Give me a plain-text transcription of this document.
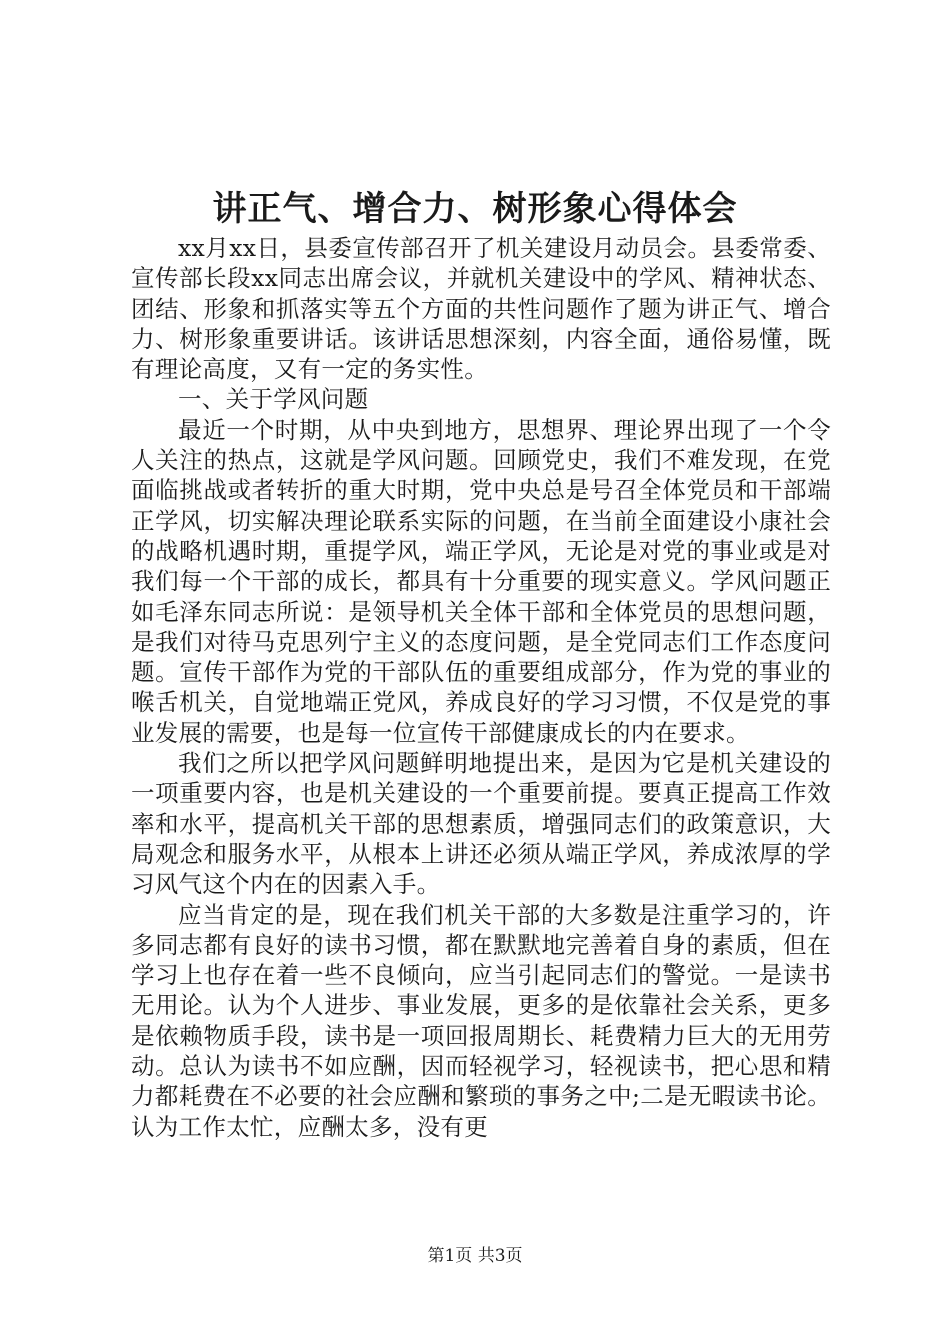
讲正气、增合力、树形象心得体会

xx月xx日，县委宣传部召开了机关建设月动员会。县委常委、宣传部长段xx同志出席会议，并就机关建设中的学风、精神状态、团结、形象和抓落实等五个方面的共性问题作了题为讲正气、增合力、树形象重要讲话。该讲话思想深刻，内容全面，通俗易懂，既有理论高度，又有一定的务实性。

一、关于学风问题

最近一个时期，从中央到地方，思想界、理论界出现了一个令人关注的热点，这就是学风问题。回顾党史，我们不难发现，在党面临挑战或者转折的重大时期，党中央总是号召全体党员和干部端正学风，切实解决理论联系实际的问题，在当前全面建设小康社会的战略机遇时期，重提学风，端正学风，无论是对党的事业或是对我们每一个干部的成长，都具有十分重要的现实意义。学风问题正如毛泽东同志所说：是领导机关全体干部和全体党员的思想问题，是我们对待马克思列宁主义的态度问题，是全党同志们工作态度问题。宣传干部作为党的干部队伍的重要组成部分，作为党的事业的喉舌机关，自觉地端正党风，养成良好的学习习惯，不仅是党的事业发展的需要，也是每一位宣传干部健康成长的内在要求。

我们之所以把学风问题鲜明地提出来，是因为它是机关建设的一项重要内容，也是机关建设的一个重要前提。要真正提高工作效率和水平，提高机关干部的思想素质，增强同志们的政策意识，大局观念和服务水平，从根本上讲还必须从端正学风，养成浓厚的学习风气这个内在的因素入手。

应当肯定的是，现在我们机关干部的大多数是注重学习的，许多同志都有良好的读书习惯，都在默默地完善着自身的素质，但在学习上也存在着一些不良倾向，应当引起同志们的警觉。一是读书无用论。认为个人进步、事业发展，更多的是依靠社会关系，更多是依赖物质手段，读书是一项回报周期长、耗费精力巨大的无用劳动。总认为读书不如应酬，因而轻视学习，轻视读书，把心思和精力都耗费在不必要的社会应酬和繁琐的事务之中;二是无暇读书论。认为工作太忙，应酬太多，没有更

第1页 共3页
